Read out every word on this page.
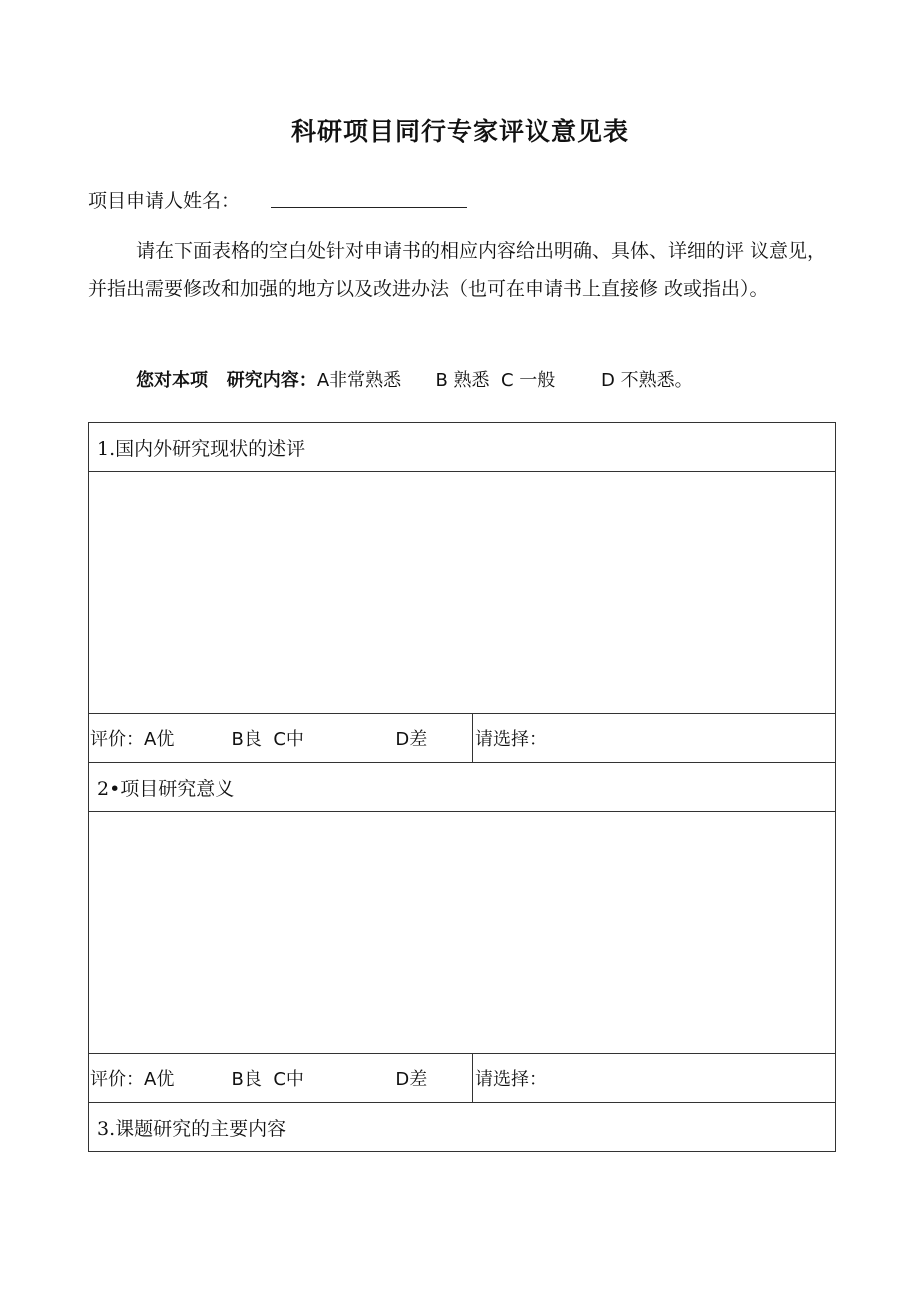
科研项目同行专家评议意见表
项目申请人姓名：
请在下面表格的空白处针对申请书的相应内容给出明确、具体、详细的评 议意见，并指出需要修改和加强的地方以及改进办法（也可在申请书上直接修 改或指出）。
您对本项   研究内容：A非常熟悉      B 熟悉  C 一般        D 不熟悉。
1.国内外研究现状的述评	

评价：A优          B良  C中                D差	请选择：
2•项目研究意义	

评价：A优          B良  C中                D差	请选择：
3.课题研究的主要内容	
